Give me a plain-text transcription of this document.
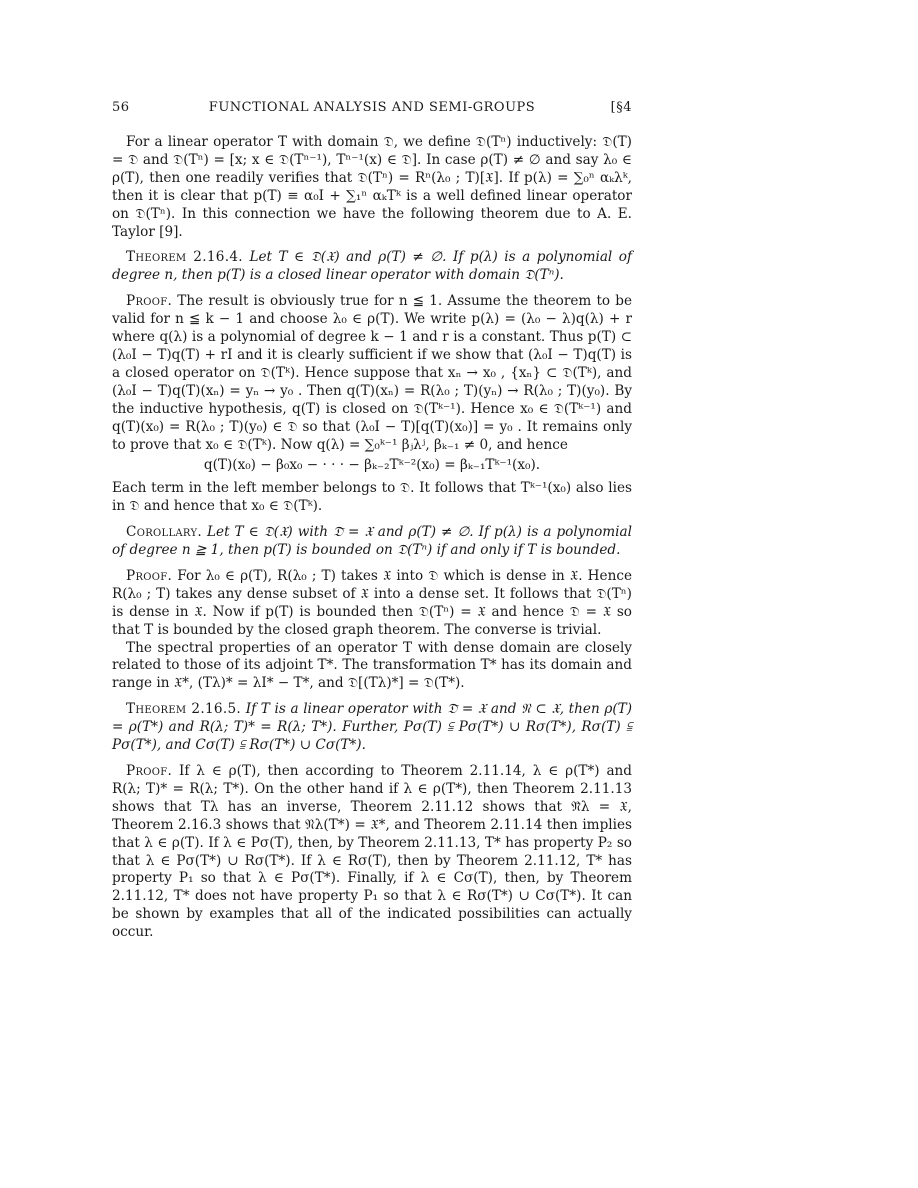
56	FUNCTIONAL ANALYSIS AND SEMI-GROUPS	[§4

For a linear operator T with domain 𝔇, we define 𝔇(Tⁿ) inductively: 𝔇(T) = 𝔇 and 𝔇(Tⁿ) = [x; x ∈ 𝔇(Tⁿ⁻¹), Tⁿ⁻¹(x) ∈ 𝔇]. In case ρ(T) ≠ ∅ and say λ₀ ∈ ρ(T), then one readily verifies that 𝔇(Tⁿ) = Rⁿ(λ₀ ; T)[𝔛]. If p(λ) = ∑₀ⁿ αₖλᵏ, then it is clear that p(T) ≡ α₀I + ∑₁ⁿ αₖTᵏ is a well defined linear operator on 𝔇(Tⁿ). In this connection we have the following theorem due to A. E. Taylor [9].

Theorem 2.16.4. Let T ∈ 𝔇(𝔛) and ρ(T) ≠ ∅. If p(λ) is a polynomial of degree n, then p(T) is a closed linear operator with domain 𝔇(Tⁿ).

Proof. The result is obviously true for n ≦ 1. Assume the theorem to be valid for n ≦ k − 1 and choose λ₀ ∈ ρ(T). We write p(λ) = (λ₀ − λ)q(λ) + r where q(λ) is a polynomial of degree k − 1 and r is a constant. Thus p(T) ⊂ (λ₀I − T)q(T) + rI and it is clearly sufficient if we show that (λ₀I − T)q(T) is a closed operator on 𝔇(Tᵏ). Hence suppose that xₙ → x₀ , {xₙ} ⊂ 𝔇(Tᵏ), and (λ₀I − T)q(T)(xₙ) = yₙ → y₀ . Then q(T)(xₙ) = R(λ₀ ; T)(yₙ) → R(λ₀ ; T)(y₀). By the inductive hypothesis, q(T) is closed on 𝔇(Tᵏ⁻¹). Hence x₀ ∈ 𝔇(Tᵏ⁻¹) and q(T)(x₀) = R(λ₀ ; T)(y₀) ∈ 𝔇 so that (λ₀I − T)[q(T)(x₀)] = y₀ . It remains only to prove that x₀ ∈ 𝔇(Tᵏ). Now q(λ) = ∑₀ᵏ⁻¹ βⱼλʲ, βₖ₋₁ ≠ 0, and hence

q(T)(x₀) − β₀x₀ − · · · − βₖ₋₂Tᵏ⁻²(x₀) = βₖ₋₁Tᵏ⁻¹(x₀).

Each term in the left member belongs to 𝔇. It follows that Tᵏ⁻¹(x₀) also lies in 𝔇 and hence that x₀ ∈ 𝔇(Tᵏ).

Corollary. Let T ∈ 𝔇(𝔛) with 𝔇̄ = 𝔛 and ρ(T) ≠ ∅. If p(λ) is a polynomial of degree n ≧ 1, then p(T) is bounded on 𝔇(Tⁿ) if and only if T is bounded.

Proof. For λ₀ ∈ ρ(T), R(λ₀ ; T) takes 𝔛 into 𝔇 which is dense in 𝔛. Hence R(λ₀ ; T) takes any dense subset of 𝔛 into a dense set. It follows that 𝔇(Tⁿ) is dense in 𝔛. Now if p(T) is bounded then 𝔇(Tⁿ) = 𝔛 and hence 𝔇 = 𝔛 so that T is bounded by the closed graph theorem. The converse is trivial.

The spectral properties of an operator T with dense domain are closely related to those of its adjoint T*. The transformation T* has its domain and range in 𝔛*, (Tλ)* = λI* − T*, and 𝔇[(Tλ)*] = 𝔇(T*).

Theorem 2.16.5. If T is a linear operator with 𝔇̄ = 𝔛 and 𝔑 ⊂ 𝔛, then ρ(T) = ρ(T*) and R(λ; T)* = R(λ; T*). Further, Pσ(T) ⫅ Pσ(T*) ∪ Rσ(T*), Rσ(T) ⫅ Pσ(T*), and Cσ(T) ⫅ Rσ(T*) ∪ Cσ(T*).

Proof. If λ ∈ ρ(T), then according to Theorem 2.11.14, λ ∈ ρ(T*) and R(λ; T)* = R(λ; T*). On the other hand if λ ∈ ρ(T*), then Theorem 2.11.13 shows that Tλ has an inverse, Theorem 2.11.12 shows that 𝔑̄λ = 𝔛, Theorem 2.16.3 shows that 𝔑λ(T*) = 𝔛*, and Theorem 2.11.14 then implies that λ ∈ ρ(T). If λ ∈ Pσ(T), then, by Theorem 2.11.13, T* has property P₂ so that λ ∈ Pσ(T*) ∪ Rσ(T*). If λ ∈ Rσ(T), then by Theorem 2.11.12, T* has property P₁ so that λ ∈ Pσ(T*). Finally, if λ ∈ Cσ(T), then, by Theorem 2.11.12, T* does not have property P₁ so that λ ∈ Rσ(T*) ∪ Cσ(T*). It can be shown by examples that all of the indicated possibilities can actually occur.
